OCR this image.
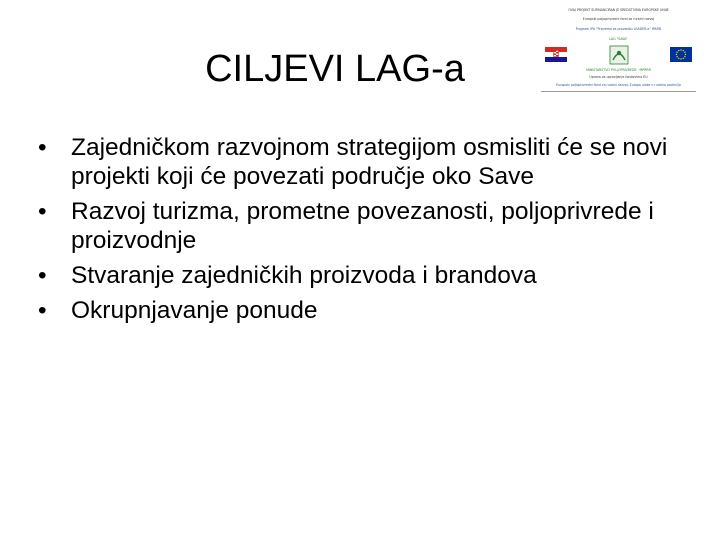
OVAJ PROJEKT SUFINANCIRAN JE SREDSTVIMA EUROPSKE UNIJE
Europski poljoprivredni fond za ruralni razvoj
Program IPA "Priprema za provedbu LEADER-a" IPARD
LAG "SAVA"
MINISTARSTVO POLJOPRIVREDE · MPRRR
Uprava za upravljanje fondovima EU
Europski poljoprivredni fond za ruralni razvoj: Europa ulaže u ruralna područja
CILJEVI LAG-a
• Zajedničkom razvojnom strategijom osmisliti će se novi projekti koji će povezati područje oko Save
• Razvoj turizma, prometne povezanosti, poljoprivrede i proizvodnje
• Stvaranje zajedničkih proizvoda i brandova
• Okrupnjavanje ponude
